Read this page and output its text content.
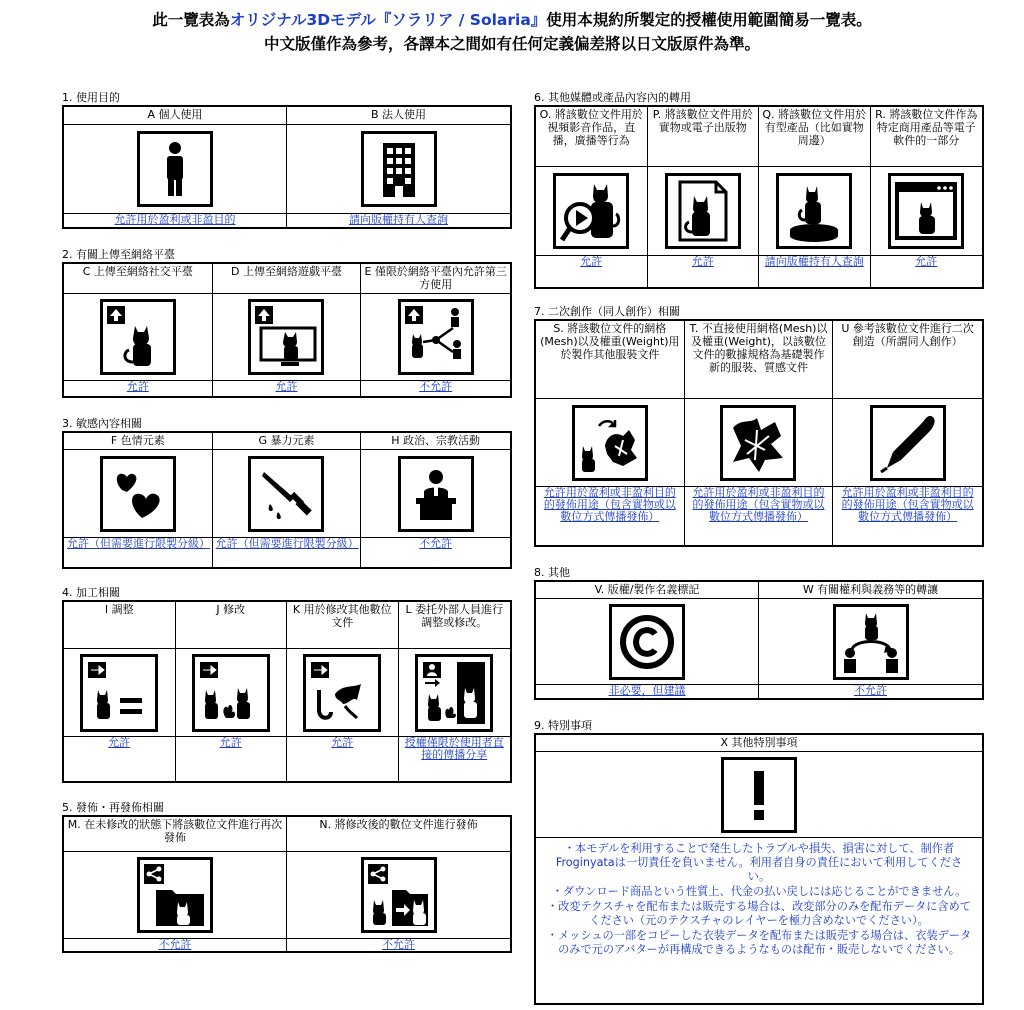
此一覽表為オリジナル3Dモデル『ソラリア / Solaria』使用本規約所製定的授權使用範圍簡易一覽表。
中文版僅作為參考，各譯本之間如有任何定義偏差將以日文版原件為準。
1. 使用目的
A 個人使用
允許用於盈利或非盈目的
B 法人使用
請向版權持有人查詢
2. 有關上傳至網絡平臺
C 上傳至網絡社交平臺
允許
D 上傳至網絡遊戲平臺
允許
E 僅限於網絡平臺內允許第三方使用
不允許
3. 敏感內容相關
F 色情元素
允許（但需要進行限製分級）
G 暴力元素
允許（但需要進行限製分級）
H 政治、宗教活動
不允許
4. 加工相關
I 調整
允許
J 修改
允許
K 用於修改其他數位文件
允許
L 委托外部人員進行調整或修改。
授權僅限於使用者直接的傳播分享
5. 發佈・再發佈相關
M. 在未修改的狀態下將該數位文件進行再次發佈
不允許
N. 將修改後的數位文件進行發佈
不允許
6. 其他媒體或產品內容內的轉用
O. 將該數位文件用於視頻影音作品，直播，廣播等行為
允許
P. 將該數位文件用於實物或電子出版物
允許
Q. 將該數位文件用於有型產品（比如實物周邊）
請向版權持有人查詢
R. 將該數位文件作為特定商用產品等電子軟件的一部分
允許
7. 二次創作（同人創作）相關
S. 將該數位文件的網格(Mesh)以及權重(Weight)用於製作其他服裝文件
允許用於盈利或非盈利目的的發佈用途（包含實物或以數位方式傳播發佈）
T. 不直接使用網格(Mesh)以及權重(Weight)，以該數位文件的數據規格為基礎製作新的服裝、質感文件
允許用於盈利或非盈利目的的發佈用途（包含實物或以數位方式傳播發佈）
U 參考該數位文件進行二次創造（所謂同人創作）
允許用於盈利或非盈利目的的發佈用途（包含實物或以數位方式傳播發佈）
8. 其他
V. 版權/製作名義標記
非必要，但建議
W 有關權利與義務等的轉讓
不允許
9. 特別事項
X 其他特別事項
・本モデルを利用することで発生したトラブルや損失、損害に対して、制作者Froginyataは一切責任を負いません。利用者自身の責任において利用してください。
・ダウンロード商品という性質上、代金の払い戻しには応じることができません。
・改変テクスチャを配布または販売する場合は、改変部分のみを配布データに含めてください（元のテクスチャのレイヤーを極力含めないでください）。
・メッシュの一部をコピーした衣装データを配布または販売する場合は、衣装データのみで元のアバターが再構成できるようなものは配布・販売しないでください。
